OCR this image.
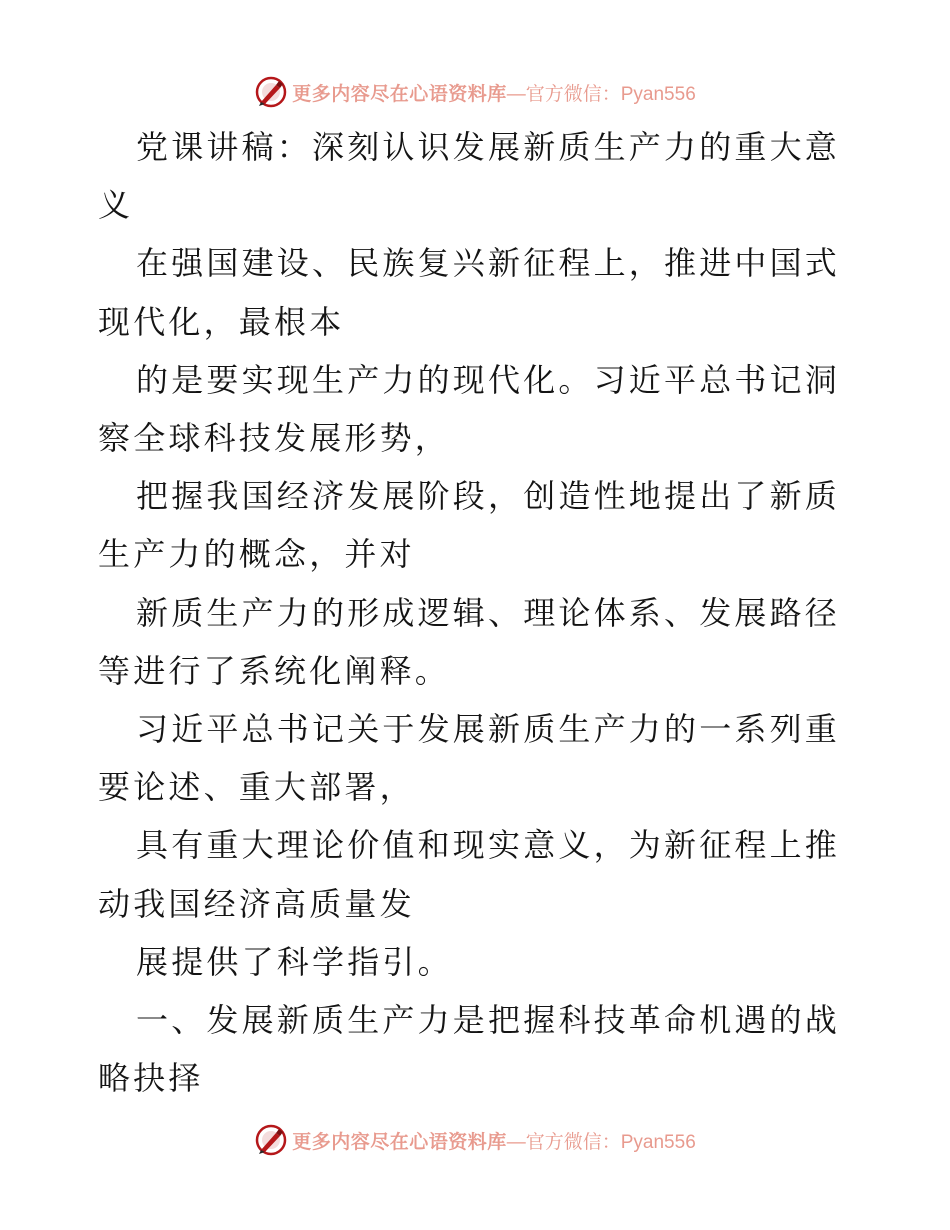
更多内容尽在心语资料库 —官方微信：Pyan556

党课讲稿：深刻认识发展新质生产力的重大意义

在强国建设、民族复兴新征程上，推进中国式现代化，最根本

的是要实现生产力的现代化。习近平总书记洞察全球科技发展形势，

把握我国经济发展阶段，创造性地提出了新质生产力的概念，并对

新质生产力的形成逻辑、理论体系、发展路径等进行了系统化阐释。

习近平总书记关于发展新质生产力的一系列重要论述、重大部署，

具有重大理论价值和现实意义，为新征程上推动我国经济高质量发

展提供了科学指引。

一、发展新质生产力是把握科技革命机遇的战略抉择

更多内容尽在心语资料库 —官方微信：Pyan556
